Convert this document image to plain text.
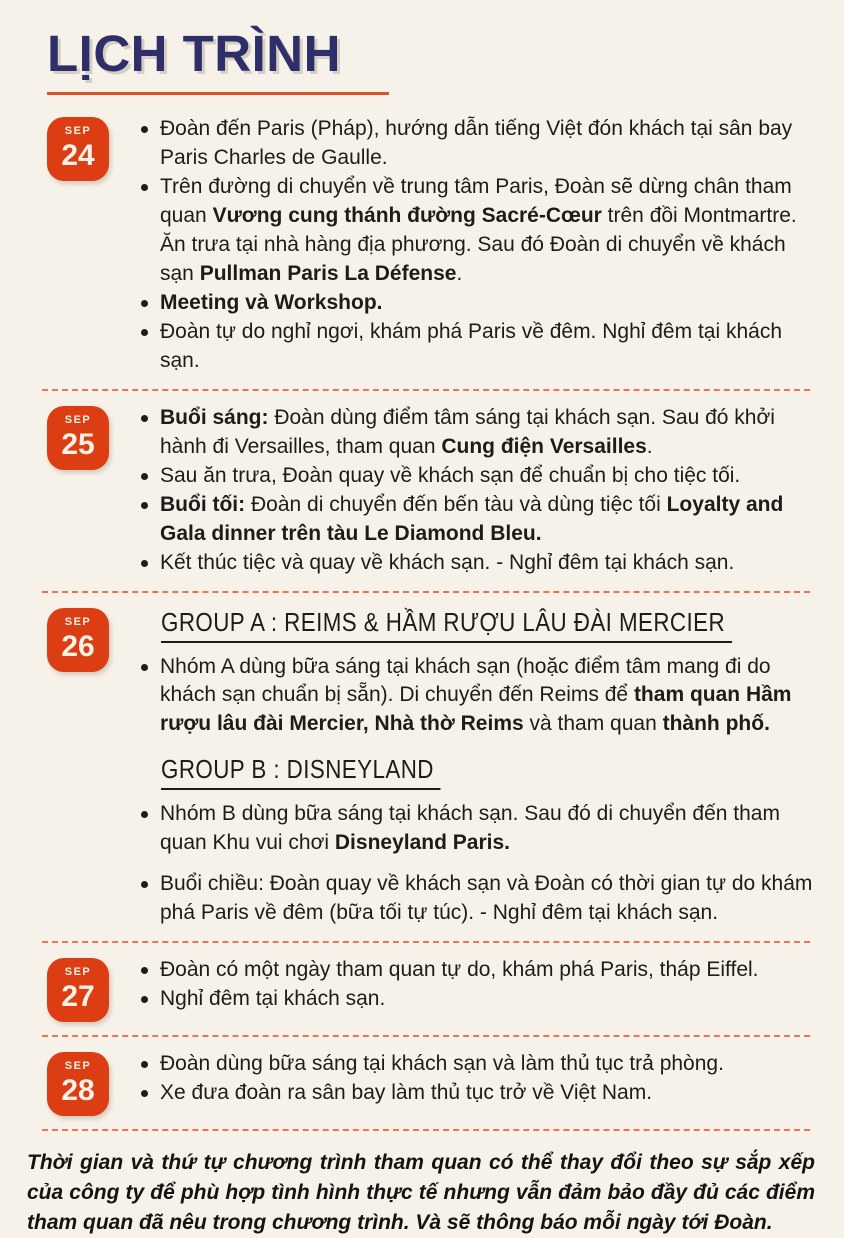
LỊCH TRÌNH
SEP
24
Đoàn đến Paris (Pháp), hướng dẫn tiếng Việt đón khách tại sân bay Paris Charles de Gaulle.
Trên đường di chuyển về trung tâm Paris, Đoàn sẽ dừng chân tham quan Vương cung thánh đường Sacré-Cœur trên đồi Montmartre. Ăn trưa tại nhà hàng địa phương. Sau đó Đoàn di chuyển về khách sạn Pullman Paris La Défense.
Meeting và Workshop.
Đoàn tự do nghỉ ngơi, khám phá Paris về đêm. Nghỉ đêm tại khách sạn.
SEP
25
Buổi sáng: Đoàn dùng điểm tâm sáng tại khách sạn. Sau đó khởi hành đi Versailles, tham quan Cung điện Versailles.
Sau ăn trưa, Đoàn quay về khách sạn để chuẩn bị cho tiệc tối.
Buổi tối: Đoàn di chuyển đến bến tàu và dùng tiệc tối Loyalty and Gala dinner trên tàu Le Diamond Bleu.
Kết thúc tiệc và quay về khách sạn. - Nghỉ đêm tại khách sạn.
SEP
26
GROUP A : REIMS & HẦM RƯỢU LÂU ĐÀI MERCIER
Nhóm A dùng bữa sáng tại khách sạn (hoặc điểm tâm mang đi do khách sạn chuẩn bị sẵn). Di chuyển đến Reims để tham quan Hầm rượu lâu đài Mercier, Nhà thờ Reims và tham quan thành phố.
GROUP B : DISNEYLAND
Nhóm B dùng bữa sáng tại khách sạn. Sau đó di chuyển đến tham quan Khu vui chơi Disneyland Paris.
Buổi chiều: Đoàn quay về khách sạn và Đoàn có thời gian tự do khám phá Paris về đêm (bữa tối tự túc). - Nghỉ đêm tại khách sạn.
SEP
27
Đoàn có một ngày tham quan tự do, khám phá Paris, tháp Eiffel.
Nghỉ đêm tại khách sạn.
SEP
28
Đoàn dùng bữa sáng tại khách sạn và làm thủ tục trả phòng.
Xe đưa đoàn ra sân bay làm thủ tục trở về Việt Nam.

Thời gian và thứ tự chương trình tham quan có thể thay đổi theo sự sắp xếp của công ty để phù hợp tình hình thực tế nhưng vẫn đảm bảo đầy đủ các điểm tham quan đã nêu trong chương trình. Và sẽ thông báo mỗi ngày tới Đoàn.
